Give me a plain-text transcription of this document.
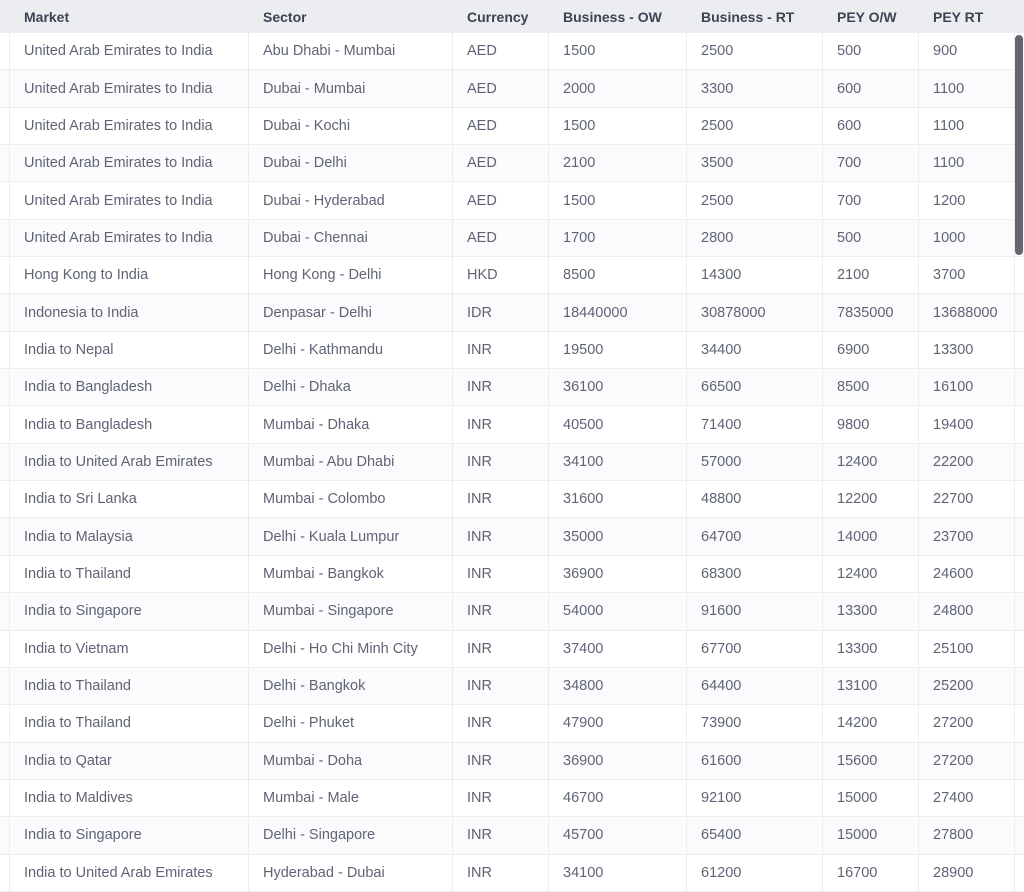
Market	Sector	Currency	Business - OW	Business - RT	PEY O/W	PEY RT
United Arab Emirates to India	Abu Dhabi - Mumbai	AED	1500	2500	500	900
United Arab Emirates to India	Dubai - Mumbai	AED	2000	3300	600	1100
United Arab Emirates to India	Dubai - Kochi	AED	1500	2500	600	1100
United Arab Emirates to India	Dubai - Delhi	AED	2100	3500	700	1100
United Arab Emirates to India	Dubai - Hyderabad	AED	1500	2500	700	1200
United Arab Emirates to India	Dubai - Chennai	AED	1700	2800	500	1000
Hong Kong to India	Hong Kong - Delhi	HKD	8500	14300	2100	3700
Indonesia to India	Denpasar - Delhi	IDR	18440000	30878000	7835000	13688000
India to Nepal	Delhi - Kathmandu	INR	19500	34400	6900	13300
India to Bangladesh	Delhi - Dhaka	INR	36100	66500	8500	16100
India to Bangladesh	Mumbai - Dhaka	INR	40500	71400	9800	19400
India to United Arab Emirates	Mumbai - Abu Dhabi	INR	34100	57000	12400	22200
India to Sri Lanka	Mumbai - Colombo	INR	31600	48800	12200	22700
India to Malaysia	Delhi - Kuala Lumpur	INR	35000	64700	14000	23700
India to Thailand	Mumbai - Bangkok	INR	36900	68300	12400	24600
India to Singapore	Mumbai - Singapore	INR	54000	91600	13300	24800
India to Vietnam	Delhi - Ho Chi Minh City	INR	37400	67700	13300	25100
India to Thailand	Delhi - Bangkok	INR	34800	64400	13100	25200
India to Thailand	Delhi - Phuket	INR	47900	73900	14200	27200
India to Qatar	Mumbai - Doha	INR	36900	61600	15600	27200
India to Maldives	Mumbai - Male	INR	46700	92100	15000	27400
India to Singapore	Delhi - Singapore	INR	45700	65400	15000	27800
India to United Arab Emirates	Hyderabad - Dubai	INR	34100	61200	16700	28900
